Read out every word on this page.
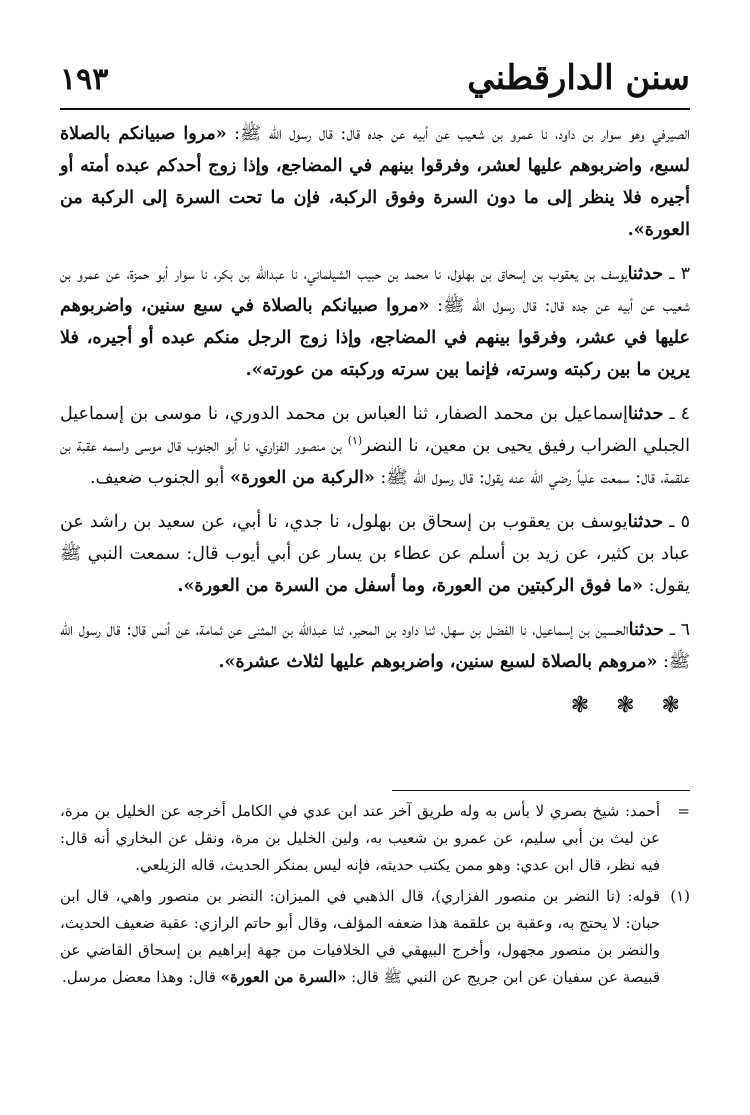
١٩٣	سنن الدارقطني

الصيرفي وهو سوار بن داود، نا عمرو بن شعيب عن أبيه عن جده قال: قال رسول الله ﷺ: «مروا صبيانكم بالصلاة لسبع، واضربوهم عليها لعشر، وفرقوا بينهم في المضاجع، وإذا زوج أحدكم عبده أمته أو أجيره فلا ينظر إلى ما دون السرة وفوق الركبة، فإن ما تحت السرة إلى الركبة من العورة».

٣ ـ حدثنايوسف بن يعقوب بن إسحاق بن بهلول، نا محمد بن حبيب الشيلماني، نا عبدالله بن بكر، نا سوار أبو حمزة، عن عمرو بن شعيب عن أبيه عن جده قال: قال رسول الله ﷺ: «مروا صبيانكم بالصلاة في سبع سنين، واضربوهم عليها في عشر، وفرقوا بينهم في المضاجع، وإذا زوج الرجل منكم عبده أو أجيره، فلا يرين ما بين ركبته وسرته، فإنما بين سرته وركبته من عورته».

٤ ـ حدثناإسماعيل بن محمد الصفار، ثنا العباس بن محمد الدوري، نا موسى بن إسماعيل الجبلي الضراب رفيق يحيى بن معين، نا النضر$^{(١)}$ بن منصور الفزاري، نا أبو الجنوب قال موسى واسمه عقبة بن علقمة، قال: سمعت علياً رضي الله عنه يقول: قال رسول الله ﷺ: «الركبة من العورة» أبو الجنوب ضعيف.

٥ ـ حدثنايوسف بن يعقوب بن إسحاق بن بهلول، نا جدي، نا أبي، عن سعيد بن راشد عن عباد بن كثير، عن زيد بن أسلم عن عطاء بن يسار عن أبي أيوب قال: سمعت النبي ﷺ يقول: «ما فوق الركبتين من العورة، وما أسفل من السرة من العورة».

٦ ـ حدثناالحسين بن إسماعيل، نا الفضل بن سهل، ثنا داود بن المحبر، ثنا عبدالله بن المثنى عن ثمامة، عن أنس قال: قال رسول الله ﷺ: «مروهم بالصلاة لسبع سنين، واضربوهم عليها لثلاث عشرة».

❃ ❃ ❃
=
أحمد: شيخ بصري لا بأس به وله طريق آخر عند ابن عدي في الكامل أخرجه عن الخليل بن مرة، عن ليث بن أبي سليم، عن عمرو بن شعيب به، ولين الخليل بن مرة، ونقل عن البخاري أنه قال: فيه نظر، قال ابن عدي: وهو ممن يكتب حديثه، فإنه ليس بمنكر الحديث، قاله الزيلعي.
(١)
قوله: (نا النضر بن منصور الفزاري)، قال الذهبي في الميزان: النضر بن منصور واهي، قال ابن حبان: لا يحتج به، وعقبة بن علقمة هذا ضعفه المؤلف، وقال أبو حاتم الرازي: عقبة ضعيف الحديث، والنضر بن منصور مجهول، وأخرج البيهقي في الخلافيات من جهة إبراهيم بن إسحاق القاضي عن قبيصة عن سفيان عن ابن جريج عن النبي ﷺ قال: «السرة من العورة» قال: وهذا معضل مرسل.
